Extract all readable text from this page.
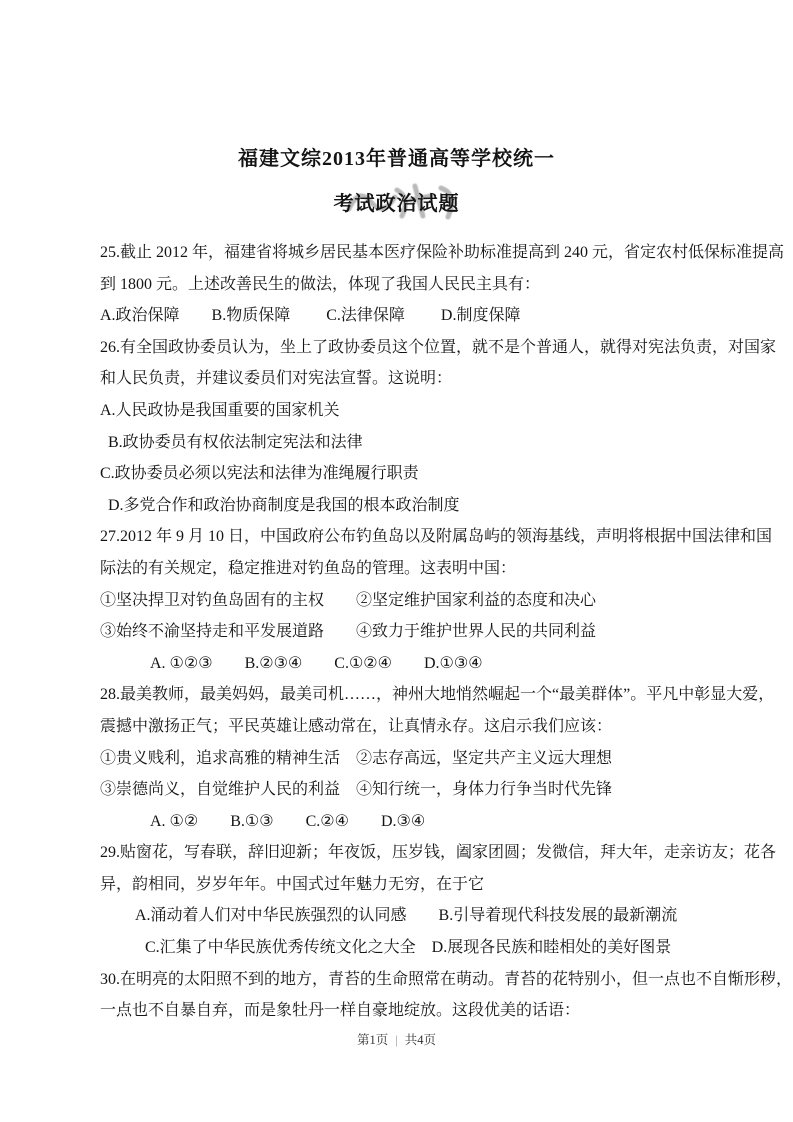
福建文综2013年普通高等学校统一
考试政治试题
25.截止 2012 年，福建省将城乡居民基本医疗保险补助标准提高到 240 元，省定农村低保标准提高
到 1800 元。上述改善民生的做法，体现了我国人民民主具有：
A.政治保障　　B.物质保障　　 C.法律保障　　 D.制度保障
26.有全国政协委员认为，坐上了政协委员这个位置，就不是个普通人，就得对宪法负责，对国家
和人民负责，并建议委员们对宪法宣誓。这说明：
A.人民政协是我国重要的国家机关
B.政协委员有权依法制定宪法和法律
C.政协委员必须以宪法和法律为准绳履行职责
D.多党合作和政治协商制度是我国的根本政治制度
27.2012 年 9 月 10 日，中国政府公布钓鱼岛以及附属岛屿的领海基线，声明将根据中国法律和国
际法的有关规定，稳定推进对钓鱼岛的管理。这表明中国：
①坚决捍卫对钓鱼岛固有的主权　　②坚定维护国家利益的态度和决心
③始终不渝坚持走和平发展道路　　④致力于维护世界人民的共同利益
A. ①②③　　B.②③④　　C.①②④　　D.①③④
28.最美教师，最美妈妈，最美司机……，神州大地悄然崛起一个“最美群体”。平凡中彰显大爱，
震撼中激扬正气；平民英雄让感动常在，让真情永存。这启示我们应该：
①贵义贱利，追求高雅的精神生活　②志存高远，坚定共产主义远大理想
③崇德尚义，自觉维护人民的利益　④知行统一，身体力行争当时代先锋
A. ①②　　B.①③　　C.②④　　D.③④
29.贴窗花，写春联，辞旧迎新；年夜饭，压岁钱，阖家团圆；发微信，拜大年，走亲访友；花各
异，韵相同，岁岁年年。中国式过年魅力无穷，在于它
A.涌动着人们对中华民族强烈的认同感　　B.引导着现代科技发展的最新潮流
C.汇集了中华民族优秀传统文化之大全　D.展现各民族和睦相处的美好图景
30.在明亮的太阳照不到的地方，青苔的生命照常在萌动。青苔的花特别小，但一点也不自惭形秽，
一点也不自暴自弃，而是象牡丹一样自豪地绽放。这段优美的话语：
第1页 | 共4页
